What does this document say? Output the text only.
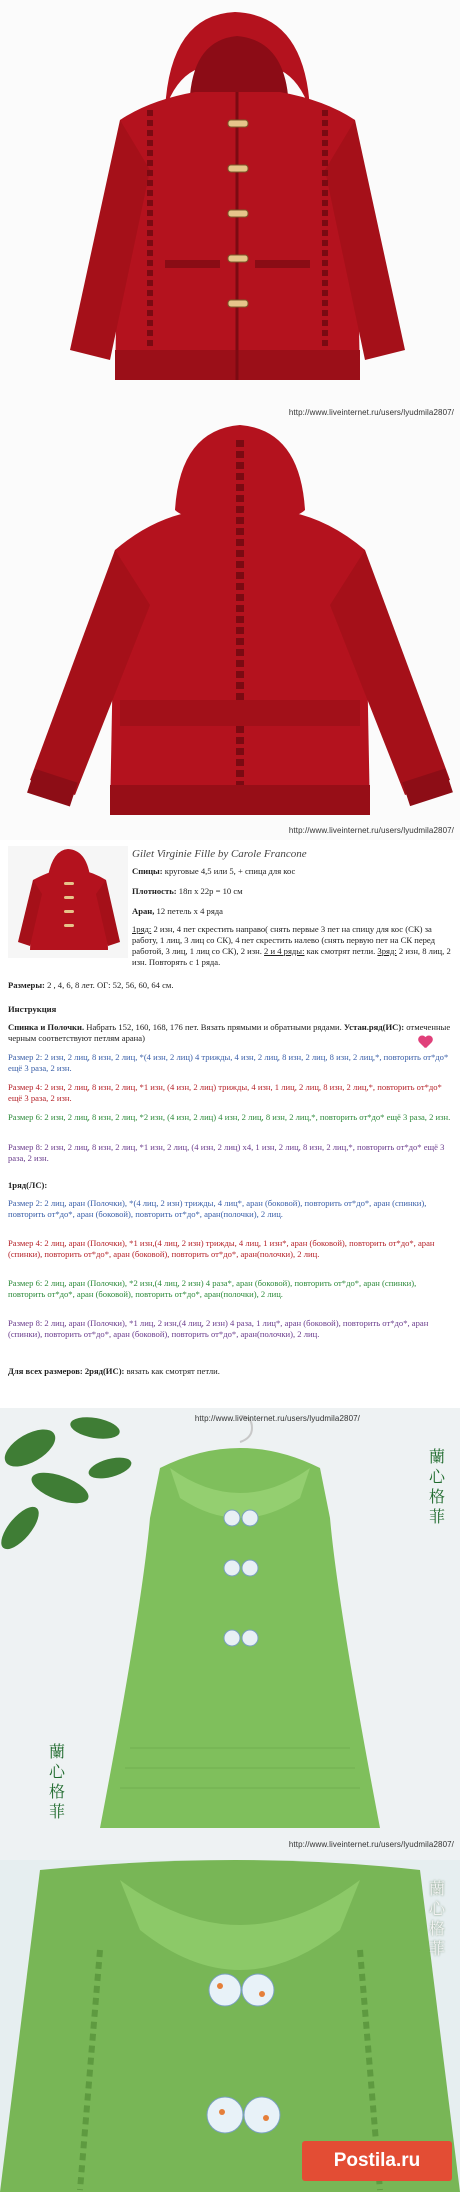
http://www.liveinternet.ru/users/lyudmila2807/
http://www.liveinternet.ru/users/lyudmila2807/
Gilet Virginie Fille by Carole Francone
Спицы: круговые 4,5 или 5, + спица для кос
Плотность: 18п х 22р = 10 см
Аран, 12 петель х 4 ряда
1ряд: 2 изн, 4 пет скрестить направо( снять первые 3 пет на спицу для кос (СК) за работу, 1 лиц, 3 лиц со СК), 4 пет скрестить налево (снять первую пет на СК перед работой, 3 лиц, 1 лиц со СК), 2 изн. 2 и 4 ряды: как смотрят петли. 3ряд: 2 изн, 8 лиц, 2 изн. Повторять с 1 ряда.
Размеры: 2 , 4, 6, 8 лет. ОГ: 52, 56, 60, 64 см.
Инструкция
Спинка и Полочки. Набрать 152, 160, 168, 176 пет. Вязать прямыми и обратными рядами. Устан.ряд(ИС): отмеченные черным соответствуют петлям арана)
Размер 2: 2 изн, 2 лиц, 8 изн, 2 лиц, *(4 изн, 2 лиц) 4 трижды, 4 изн, 2 лиц, 8 изн, 2 лиц, 8 изн, 2 лиц,*, повторить от*до* ещё 3 раза, 2 изн.
Размер 4: 2 изн, 2 лиц, 8 изн, 2 лиц, *1 изн, (4 изн, 2 лиц) трижды, 4 изн, 1 лиц, 2 лиц, 8 изн, 2 лиц,*, повторить от*до* ещё 3 раза, 2 изн.
Размер 6: 2 изн, 2 лиц, 8 изн, 2 лиц, *2 изн, (4 изн, 2 лиц) 4 изн, 2 лиц, 8 изн, 2 лиц,*, повторить от*до* ещё 3 раза, 2 изн.
Размер 8: 2 изн, 2 лиц, 8 изн, 2 лиц, *1 изн, 2 лиц, (4 изн, 2 лиц) х4, 1 изн, 2 лиц, 8 изн, 2 лиц,*, повторить от*до* ещё 3 раза, 2 изн.
1ряд(ЛС):
Размер 2: 2 лиц, аран (Полочки), *(4 лиц, 2 изн) трижды, 4 лиц*, аран (боковой), повторить от*до*, аран (спинки), повторить от*до*, аран (боковой), повторить от*до*, аран(полочки), 2 лиц.
Размер 4: 2 лиц, аран (Полочки), *1 изн,(4 лиц, 2 изн) трижды, 4 лиц, 1 изн*, аран (боковой), повторить от*до*, аран (спинки), повторить от*до*, аран (боковой), повторить от*до*, аран(полочки), 2 лиц.
Размер 6: 2 лиц, аран (Полочки), *2 изн,(4 лиц, 2 изн) 4 раза*, аран (боковой), повторить от*до*, аран (спинки), повторить от*до*, аран (боковой), повторить от*до*, аран(полочки), 2 лиц.
Размер 8: 2 лиц, аран (Полочки), *1 лиц, 2 изн,(4 лиц, 2 изн) 4 раза, 1 лиц*, аран (боковой), повторить от*до*, аран (спинки), повторить от*до*, аран (боковой), повторить от*до*, аран(полочки), 2 лиц.
Для всех размеров: 2ряд(ИС): вязать как смотрят петли.
蘭
心
格
菲
蘭
心
格
菲
http://www.liveinternet.ru/users/lyudmila2807/
http://www.liveinternet.ru/users/lyudmila2807/
蘭
心
格
菲
Postila.ru
